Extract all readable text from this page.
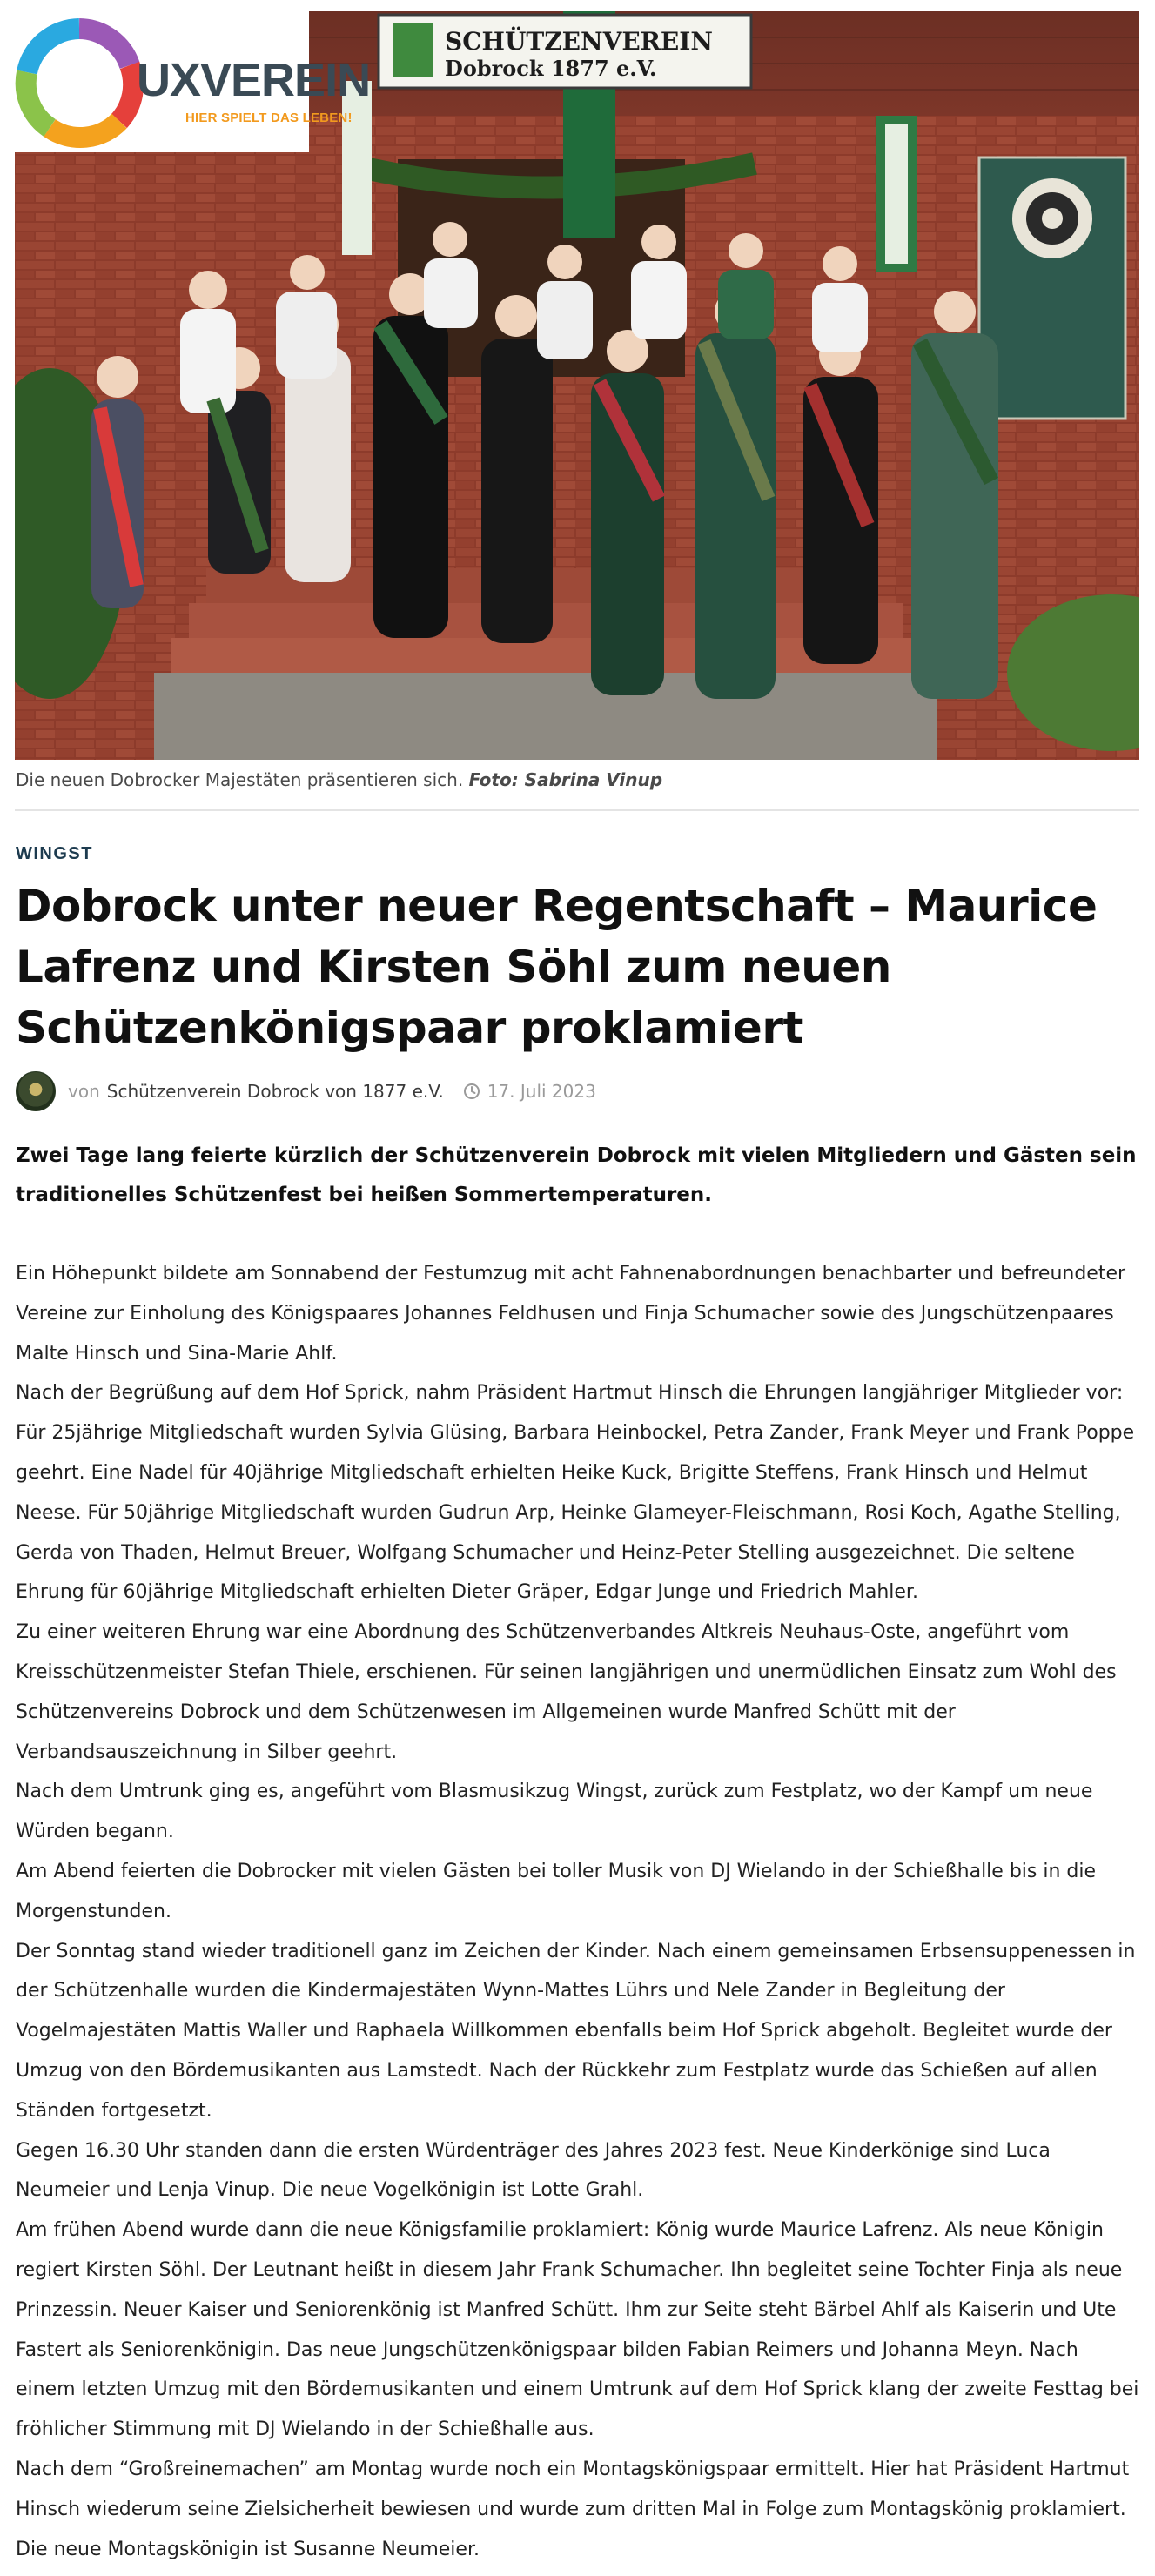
SCHÜTZENVEREIN
Dobrock 1877 e.V.
UXVEREIN
HIER SPIELT DAS LEBEN!
Die neuen Dobrocker Majestäten präsentieren sich. Foto: Sabrina Vinup
WINGST
Dobrock unter neuer Regentschaft – Maurice Lafrenz und Kirsten Söhl zum neuen Schützenkönigspaar proklamiert
von Schützenverein Dobrock von 1877 e.V.	17. Juli 2023

Zwei Tage lang feierte kürzlich der Schützenverein Dobrock mit vielen Mitgliedern und Gästen sein traditionelles Schützenfest bei heißen Sommertemperaturen.

Ein Höhepunkt bildete am Sonnabend der Festumzug mit acht Fahnenabordnungen benachbarter und befreundeter Vereine zur Einholung des Königspaares Johannes Feldhusen und Finja Schumacher sowie des Jungschützenpaares Malte Hinsch und Sina-Marie Ahlf.

Nach der Begrüßung auf dem Hof Sprick, nahm Präsident Hartmut Hinsch die Ehrungen langjähriger Mitglieder vor: Für 25jährige Mitgliedschaft wurden Sylvia Glüsing, Barbara Heinbockel, Petra Zander, Frank Meyer und Frank Poppe geehrt. Eine Nadel für 40jährige Mitgliedschaft erhielten Heike Kuck, Brigitte Steffens, Frank Hinsch und Helmut Neese. Für 50jährige Mitgliedschaft wurden Gudrun Arp, Heinke Glameyer-Fleischmann, Rosi Koch, Agathe Stelling, Gerda von Thaden, Helmut Breuer, Wolfgang Schumacher und Heinz-Peter Stelling ausgezeichnet. Die seltene Ehrung für 60jährige Mitgliedschaft erhielten Dieter Gräper, Edgar Junge und Friedrich Mahler.

Zu einer weiteren Ehrung war eine Abordnung des Schützenverbandes Altkreis Neuhaus-Oste, angeführt vom Kreisschützenmeister Stefan Thiele, erschienen. Für seinen langjährigen und unermüdlichen Einsatz zum Wohl des Schützenvereins Dobrock und dem Schützenwesen im Allgemeinen wurde Manfred Schütt mit der Verbandsauszeichnung in Silber geehrt.

Nach dem Umtrunk ging es, angeführt vom Blasmusikzug Wingst, zurück zum Festplatz, wo der Kampf um neue Würden begann.

Am Abend feierten die Dobrocker mit vielen Gästen bei toller Musik von DJ Wielando in der Schießhalle bis in die Morgenstunden.

Der Sonntag stand wieder traditionell ganz im Zeichen der Kinder. Nach einem gemeinsamen Erbsensuppenessen in der Schützenhalle wurden die Kindermajestäten Wynn-Mattes Lührs und Nele Zander in Begleitung der Vogelmajestäten Mattis Waller und Raphaela Willkommen ebenfalls beim Hof Sprick abgeholt. Begleitet wurde der Umzug von den Bördemusikanten aus Lamstedt. Nach der Rückkehr zum Festplatz wurde das Schießen auf allen Ständen fortgesetzt.

Gegen 16.30 Uhr standen dann die ersten Würdenträger des Jahres 2023 fest. Neue Kinderkönige sind Luca Neumeier und Lenja Vinup. Die neue Vogelkönigin ist Lotte Grahl.

Am frühen Abend wurde dann die neue Königsfamilie proklamiert: König wurde Maurice Lafrenz. Als neue Königin regiert Kirsten Söhl. Der Leutnant heißt in diesem Jahr Frank Schumacher. Ihn begleitet seine Tochter Finja als neue Prinzessin. Neuer Kaiser und Seniorenkönig ist Manfred Schütt. Ihm zur Seite steht Bärbel Ahlf als Kaiserin und Ute Fastert als Seniorenkönigin. Das neue Jungschützenkönigspaar bilden Fabian Reimers und Johanna Meyn. Nach einem letzten Umzug mit den Bördemusikanten und einem Umtrunk auf dem Hof Sprick klang der zweite Festtag bei fröhlicher Stimmung mit DJ Wielando in der Schießhalle aus.

Nach dem “Großreinemachen” am Montag wurde noch ein Montagskönigspaar ermittelt. Hier hat Präsident Hartmut Hinsch wiederum seine Zielsicherheit bewiesen und wurde zum dritten Mal in Folge zum Montagskönig proklamiert. Die neue Montagskönigin ist Susanne Neumeier.
